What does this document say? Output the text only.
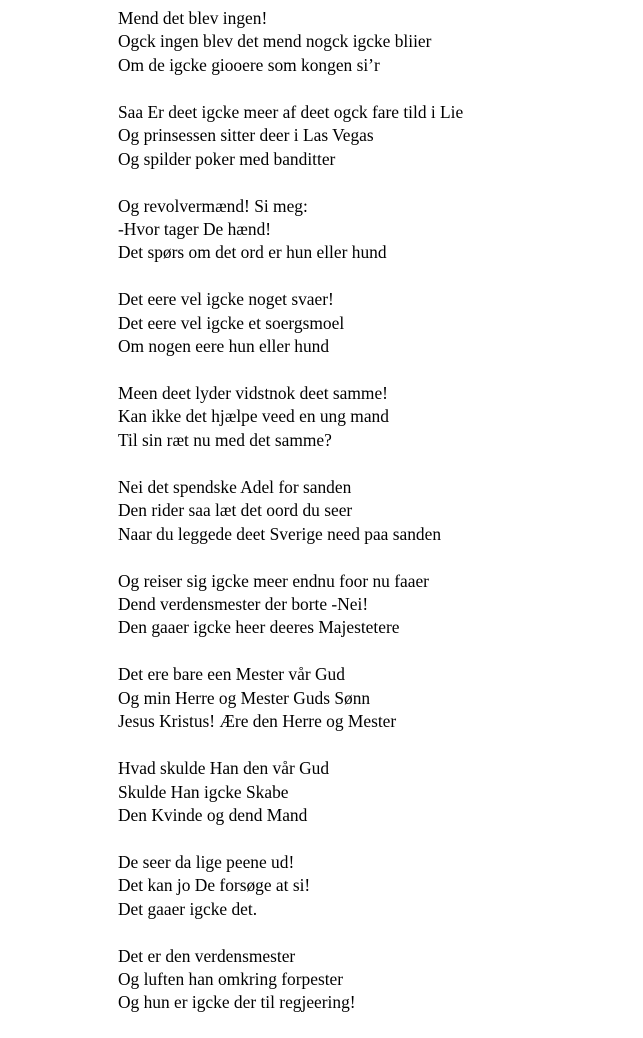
Mend det blev ingen!
Ogck ingen blev det mend nogck igcke bliier
Om de igcke giooere som kongen si’r
Saa Er deet igcke meer af deet ogck fare tild i Lie
Og prinsessen sitter deer i Las Vegas
Og spilder poker med banditter
Og revolvermænd! Si meg:
-Hvor tager De hænd!
Det spørs om det ord er hun eller hund
Det eere vel igcke noget svaer!
Det eere vel igcke et soergsmoel
Om nogen eere hun eller hund
Meen deet lyder vidstnok deet samme!
Kan ikke det hjælpe veed en ung mand
Til sin ræt nu med det samme?
Nei det spendske Adel for sanden
Den rider saa læt det oord du seer
Naar du leggede deet Sverige need paa sanden
Og reiser sig igcke meer endnu foor nu faaer
Dend verdensmester der borte -Nei!
Den gaaer igcke heer deeres Majestetere
Det ere bare een Mester vår Gud
Og min Herre og Mester Guds Sønn
Jesus Kristus! Ære den Herre og Mester
Hvad skulde Han den vår Gud
Skulde Han igcke Skabe
Den Kvinde og dend Mand
De seer da lige peene ud!
Det kan jo De forsøge at si!
Det gaaer igcke det.
Det er den verdensmester
Og luften han omkring forpester
Og hun er igcke der til regjeering!
